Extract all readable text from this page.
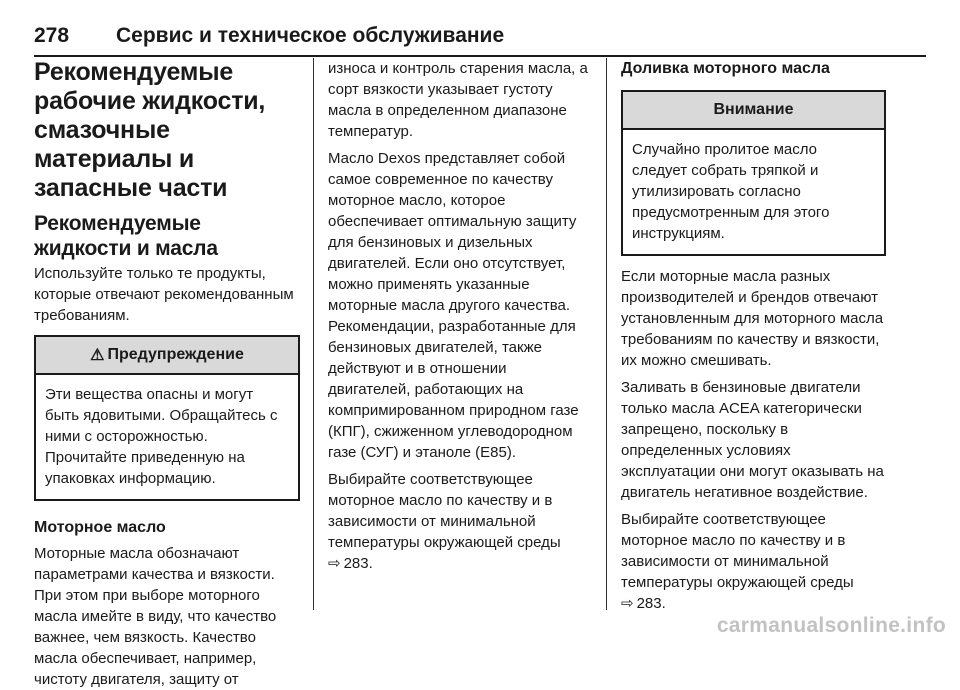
278 Сервис и техническое обслуживание
Рекомендуемые рабочие жидкости, смазочные материалы и запасные части
Рекомендуемые жидкости и масла
Используйте только те продукты, которые отвечают рекомендованным требованиям.
⚠ Предупреждение
Эти вещества опасны и могут быть ядовитыми. Обращайтесь с ними с осторожностью. Прочитайте приведенную на упаковках информацию.
Моторное масло
Моторные масла обозначают параметрами качества и вязкости. При этом при выборе моторного масла имейте в виду, что качество важнее, чем вязкость. Качество масла обеспечивает, например, чистоту двигателя, защиту от
износа и контроль старения масла, а сорт вязкости указывает густоту масла в определенном диапазоне температур.
Масло Dexos представляет собой самое современное по качеству моторное масло, которое обеспечивает оптимальную защиту для бензиновых и дизельных двигателей. Если оно отсутствует, можно применять указанные моторные масла другого качества. Рекомендации, разработанные для бензиновых двигателей, также действуют и в отношении двигателей, работающих на компримированном природном газе (КПГ), сжиженном углеводородном газе (СУГ) и этаноле (E85).
Выбирайте соответствующее моторное масло по качеству и в зависимости от минимальной температуры окружающей среды
⇨ 283.
Доливка моторного масла
Внимание
Случайно пролитое масло следует собрать тряпкой и утилизировать согласно предусмотренным для этого инструкциям.
Если моторные масла разных производителей и брендов отвечают установленным для моторного масла требованиям по качеству и вязкости, их можно смешивать.
Заливать в бензиновые двигатели только масла ACEA категорически запрещено, поскольку в определенных условиях эксплуатации они могут оказывать на двигатель негативное воздействие.
Выбирайте соответствующее моторное масло по качеству и в зависимости от минимальной температуры окружающей среды
⇨ 283.
carmanualsonline.info
